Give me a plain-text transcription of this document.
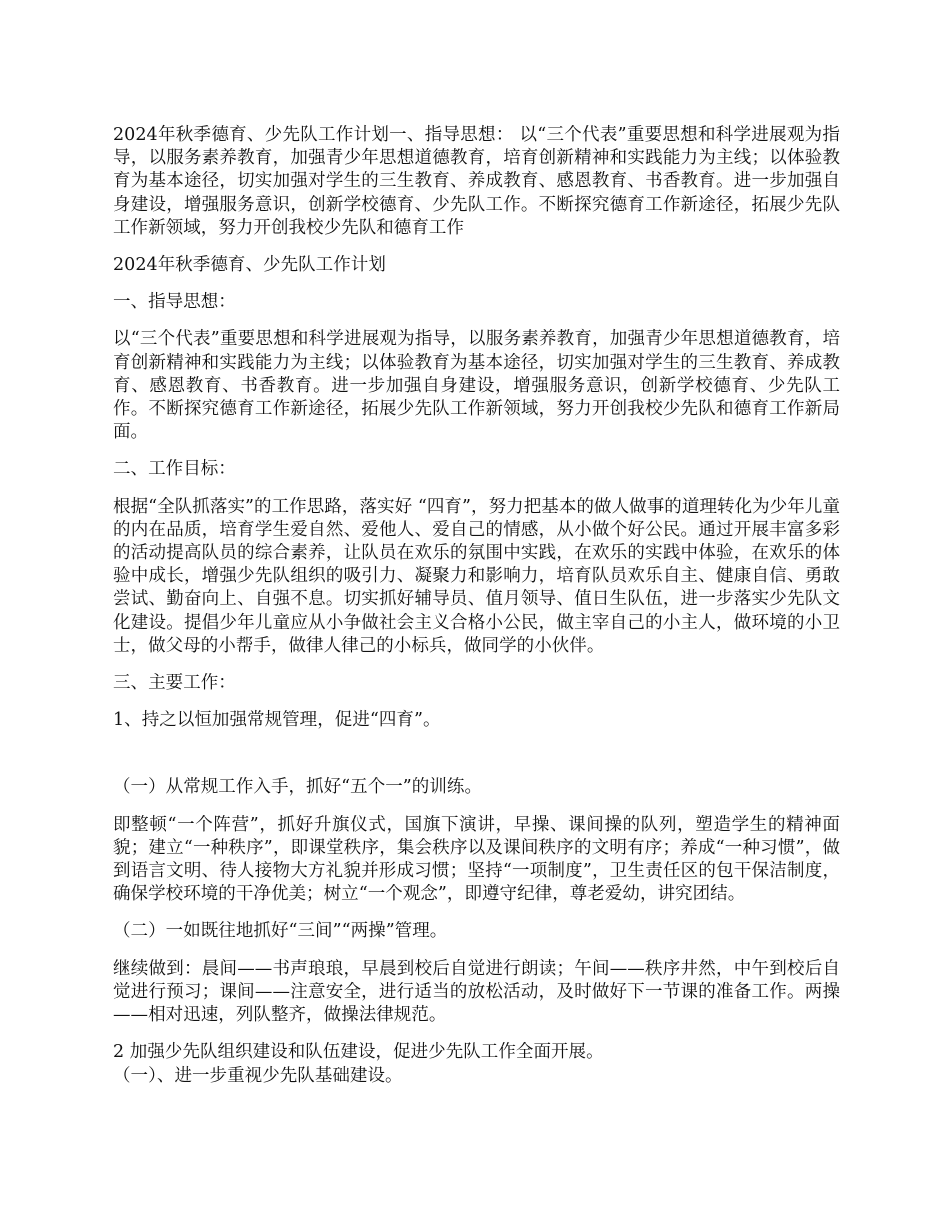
2024年秋季德育、少先队工作计划一、指导思想： 以“三个代表”重要思想和科学进展观为指导，以服务素养教育，加强青少年思想道德教育，培育创新精神和实践能力为主线；以体验教育为基本途径，切实加强对学生的三生教育、养成教育、感恩教育、书香教育。进一步加强自身建设，增强服务意识，创新学校德育、少先队工作。不断探究德育工作新途径，拓展少先队工作新领域，努力开创我校少先队和德育工作

2024年秋季德育、少先队工作计划

一、指导思想：

以“三个代表”重要思想和科学进展观为指导，以服务素养教育，加强青少年思想道德教育，培育创新精神和实践能力为主线；以体验教育为基本途径，切实加强对学生的三生教育、养成教育、感恩教育、书香教育。进一步加强自身建设，增强服务意识，创新学校德育、少先队工作。不断探究德育工作新途径，拓展少先队工作新领域，努力开创我校少先队和德育工作新局面。

二、工作目标：

根据“全队抓落实”的工作思路，落实好 “四育”，努力把基本的做人做事的道理转化为少年儿童的内在品质，培育学生爱自然、爱他人、爱自己的情感，从小做个好公民。通过开展丰富多彩的活动提高队员的综合素养，让队员在欢乐的氛围中实践，在欢乐的实践中体验，在欢乐的体验中成长，增强少先队组织的吸引力、凝聚力和影响力，培育队员欢乐自主、健康自信、勇敢尝试、勤奋向上、自强不息。切实抓好辅导员、值月领导、值日生队伍，进一步落实少先队文化建设。提倡少年儿童应从小争做社会主义合格小公民，做主宰自己的小主人，做环境的小卫士，做父母的小帮手，做律人律己的小标兵，做同学的小伙伴。

三、主要工作：

1、持之以恒加强常规管理，促进“四育”。

（一）从常规工作入手，抓好“五个一”的训练。

即整顿“一个阵营”，抓好升旗仪式，国旗下演讲，早操、课间操的队列，塑造学生的精神面貌；建立“一种秩序”，即课堂秩序，集会秩序以及课间秩序的文明有序；养成“一种习惯”，做到语言文明、待人接物大方礼貌并形成习惯；坚持“一项制度”，卫生责任区的包干保洁制度，确保学校环境的干净优美；树立“一个观念”，即遵守纪律，尊老爱幼，讲究团结。

（二）一如既往地抓好“三间”“两操”管理。

继续做到：晨间——书声琅琅，早晨到校后自觉进行朗读；午间——秩序井然，中午到校后自觉进行预习；课间——注意安全，进行适当的放松活动，及时做好下一节课的准备工作。两操——相对迅速，列队整齐，做操法律规范。

2 加强少先队组织建设和队伍建设，促进少先队工作全面开展。

（一）、进一步重视少先队基础建设。
